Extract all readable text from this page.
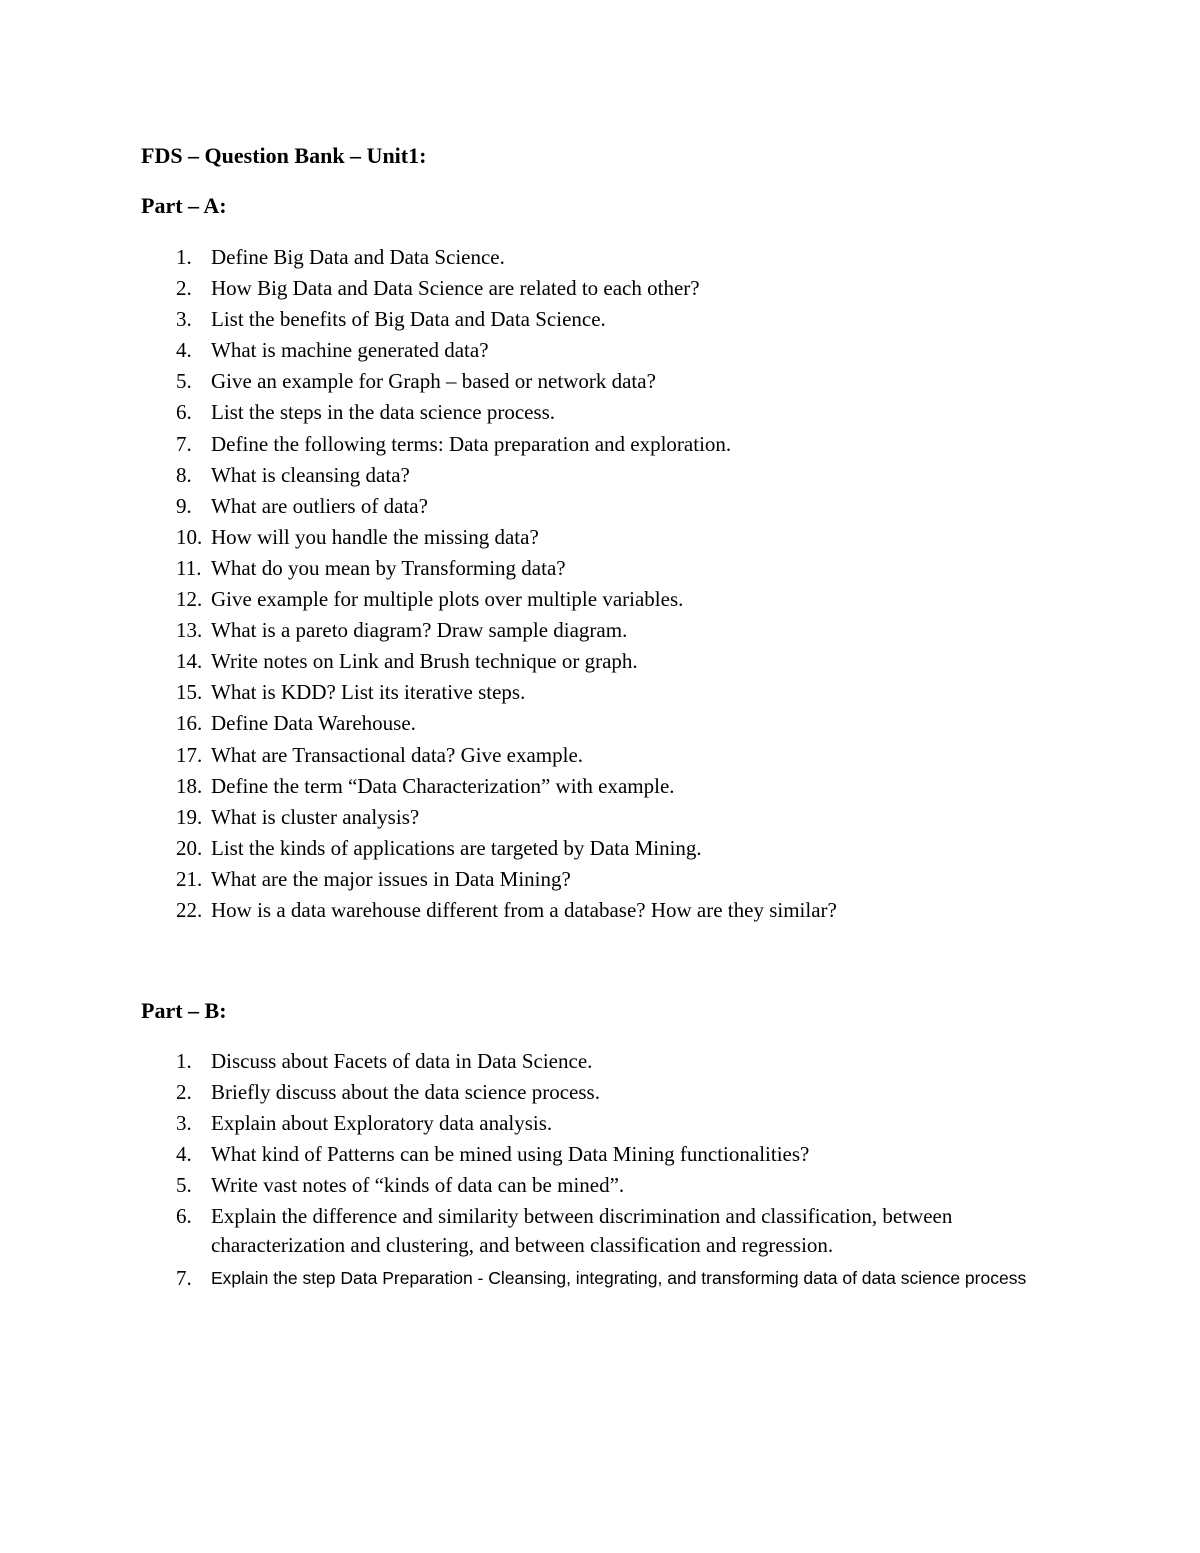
FDS – Question Bank – Unit1:
Part – A:
1. Define Big Data and Data Science.
2. How Big Data and Data Science are related to each other?
3. List the benefits of Big Data and Data Science.
4. What is machine generated data?
5. Give an example for Graph – based or network data?
6. List the steps in the data science process.
7. Define the following terms: Data preparation and exploration.
8. What is cleansing data?
9. What are outliers of data?
10. How will you handle the missing data?
11. What do you mean by Transforming data?
12. Give example for multiple plots over multiple variables.
13. What is a pareto diagram? Draw sample diagram.
14. Write notes on Link and Brush technique or graph.
15. What is KDD? List its iterative steps.
16. Define Data Warehouse.
17. What are Transactional data? Give example.
18. Define the term “Data Characterization” with example.
19. What is cluster analysis?
20. List the kinds of applications are targeted by Data Mining.
21. What are the major issues in Data Mining?
22. How is a data warehouse different from a database? How are they similar?
Part – B:
1. Discuss about Facets of data in Data Science.
2. Briefly discuss about the data science process.
3. Explain about Exploratory data analysis.
4. What kind of Patterns can be mined using Data Mining functionalities?
5. Write vast notes of “kinds of data can be mined”.
6. Explain the difference and similarity between discrimination and classification, between characterization and clustering, and between classification and regression.
7.	Explain the step Data Preparation - Cleansing, integrating, and transforming data of data science process
